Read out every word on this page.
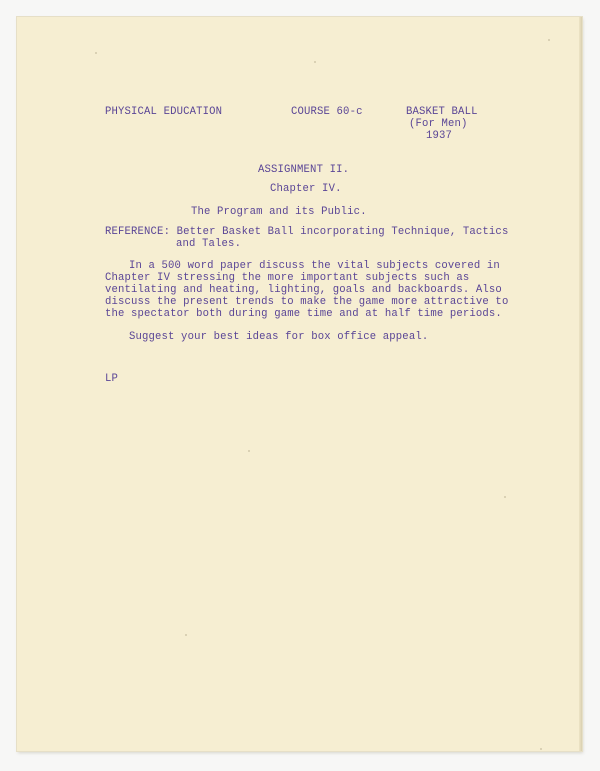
PHYSICAL EDUCATION	COURSE 60-c	BASKET BALL
(For Men)
1937
ASSIGNMENT II.
Chapter IV.
The Program and its Public.
REFERENCE: Better Basket Ball incorporating Technique, Tactics
and Tales.
In a 500 word paper discuss the vital subjects covered in
Chapter IV stressing the more important subjects such as
ventilating and heating, lighting, goals and backboards. Also
discuss the present trends to make the game more attractive to
the spectator both during game time and at half time periods.
Suggest your best ideas for box office appeal.
LP
